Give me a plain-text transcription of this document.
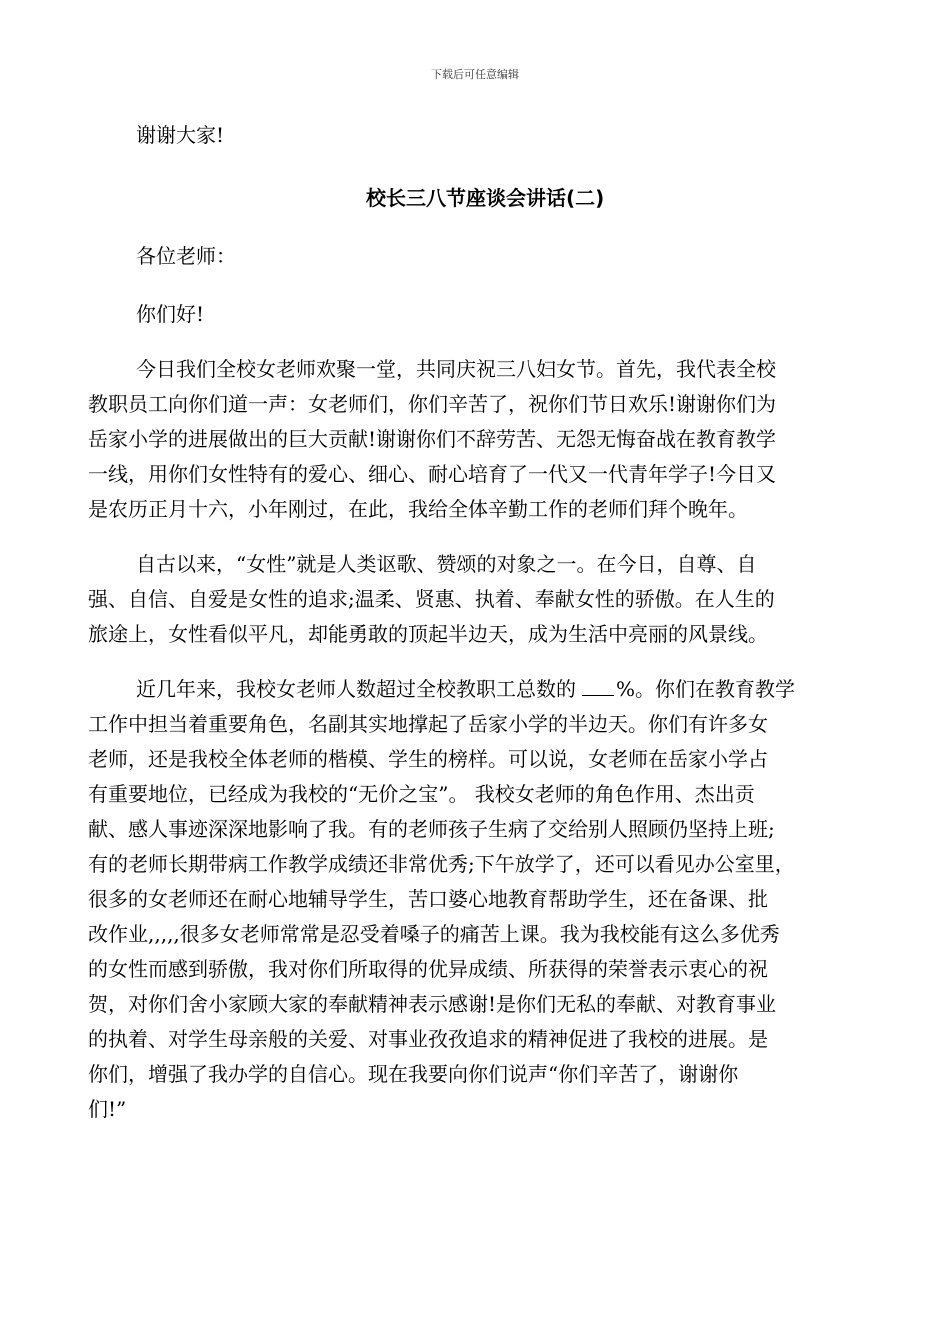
下载后可任意编辑

谢谢大家!

校长三八节座谈会讲话(二)

各位老师：

你们好!

今日我们全校女老师欢聚一堂，共同庆祝三八妇女节。首先，我代表全校

教职员工向你们道一声：女老师们，你们辛苦了，祝你们节日欢乐!谢谢你们为

岳家小学的进展做出的巨大贡献!谢谢你们不辞劳苦、无怨无悔奋战在教育教学

一线，用你们女性特有的爱心、细心、耐心培育了一代又一代青年学子!今日又

是农历正月十六，小年刚过，在此，我给全体辛勤工作的老师们拜个晚年。

自古以来，“女性”就是人类讴歌、赞颂的对象之一。在今日，自尊、自

强、自信、自爱是女性的追求;温柔、贤惠、执着、奉献女性的骄傲。在人生的

旅途上，女性看似平凡，却能勇敢的顶起半边天，成为生活中亮丽的风景线。

近几年来，我校女老师人数超过全校教职工总数的 %。你们在教育教学

工作中担当着重要角色，名副其实地撑起了岳家小学的半边天。你们有许多女

老师，还是我校全体老师的楷模、学生的榜样。可以说，女老师在岳家小学占

有重要地位，已经成为我校的“无价之宝”。 我校女老师的角色作用、杰出贡

献、感人事迹深深地影响了我。有的老师孩子生病了交给别人照顾仍坚持上班;

有的老师长期带病工作教学成绩还非常优秀;下午放学了，还可以看见办公室里，

很多的女老师还在耐心地辅导学生，苦口婆心地教育帮助学生，还在备课、批

改作业,,,,,很多女老师常常是忍受着嗓子的痛苦上课。我为我校能有这么多优秀

的女性而感到骄傲，我对你们所取得的优异成绩、所获得的荣誉表示衷心的祝

贺，对你们舍小家顾大家的奉献精神表示感谢!是你们无私的奉献、对教育事业

的执着、对学生母亲般的关爱、对事业孜孜追求的精神促进了我校的进展。是

你们，增强了我办学的自信心。现在我要向你们说声“你们辛苦了，谢谢你

们!”
